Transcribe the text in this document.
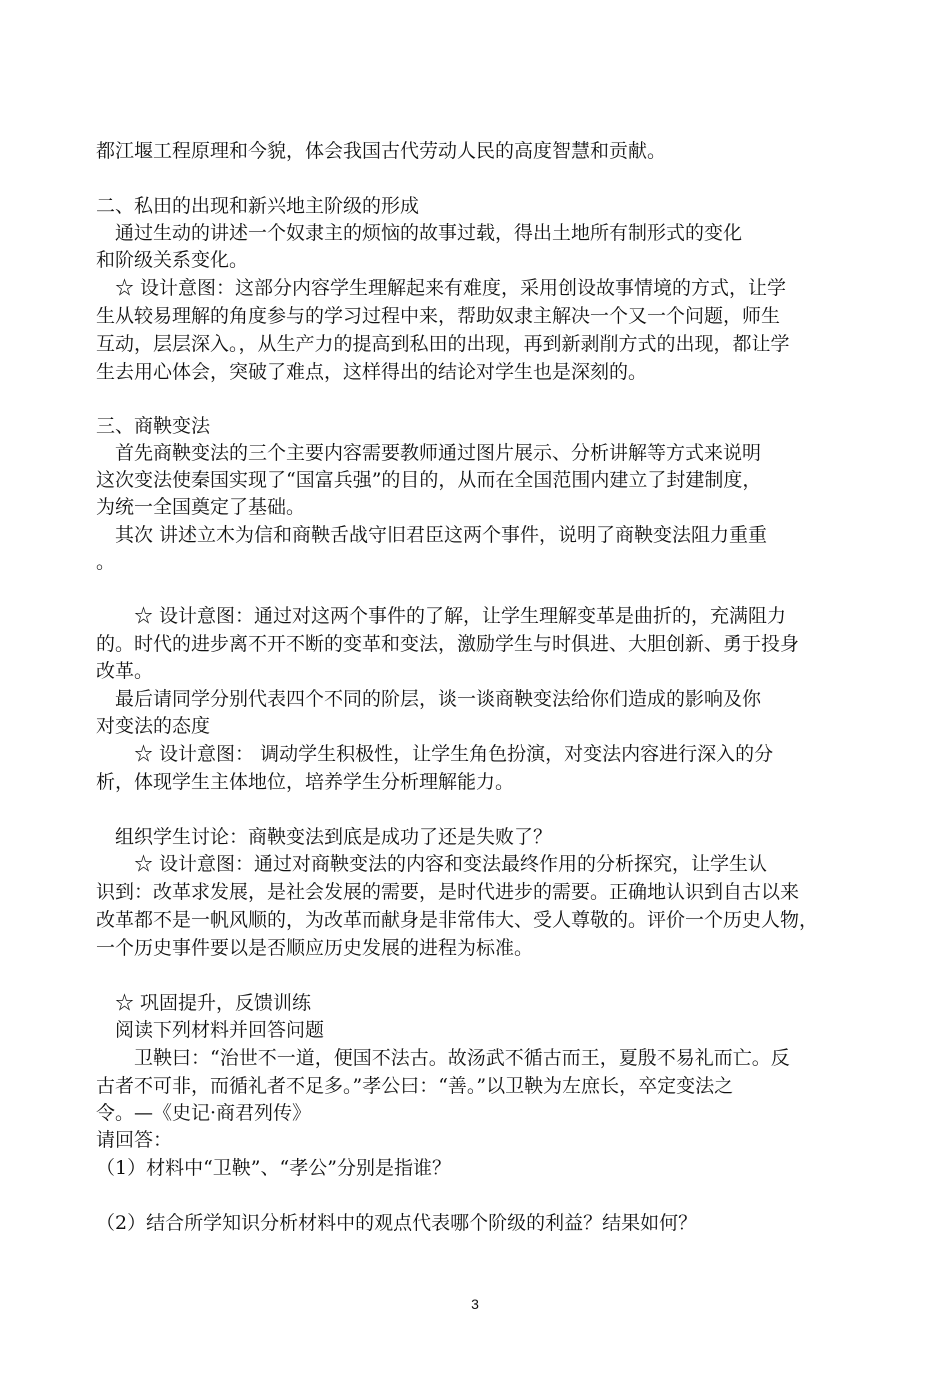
都江堰工程原理和今貌，体会我国古代劳动人民的高度智慧和贡献。
二、私田的出现和新兴地主阶级的形成
　通过生动的讲述一个奴隶主的烦恼的故事过载，得出土地所有制形式的变化
和阶级关系变化。
　☆ 设计意图：这部分内容学生理解起来有难度，采用创设故事情境的方式，让学
生从较易理解的角度参与的学习过程中来，帮助奴隶主解决一个又一个问题，师生
互动，层层深入。，从生产力的提高到私田的出现，再到新剥削方式的出现，都让学
生去用心体会，突破了难点，这样得出的结论对学生也是深刻的。
三、商鞅变法
　首先商鞅变法的三个主要内容需要教师通过图片展示、分析讲解等方式来说明
这次变法使秦国实现了“国富兵强”的目的，从而在全国范围内建立了封建制度，
为统一全国奠定了基础。
　其次 讲述立木为信和商鞅舌战守旧君臣这两个事件，说明了商鞅变法阻力重重
。
　　☆ 设计意图：通过对这两个事件的了解，让学生理解变革是曲折的，充满阻力
的。时代的进步离不开不断的变革和变法，激励学生与时俱进、大胆创新、勇于投身
改革。
　最后请同学分别代表四个不同的阶层，谈一谈商鞅变法给你们造成的影响及你
对变法的态度
　　☆ 设计意图： 调动学生积极性，让学生角色扮演，对变法内容进行深入的分
析，体现学生主体地位，培养学生分析理解能力。
　组织学生讨论：商鞅变法到底是成功了还是失败了？
　　☆ 设计意图：通过对商鞅变法的内容和变法最终作用的分析探究，让学生认
识到：改革求发展，是社会发展的需要，是时代进步的需要。正确地认识到自古以来
改革都不是一帆风顺的，为改革而献身是非常伟大、受人尊敬的。评价一个历史人物，
一个历史事件要以是否顺应历史发展的进程为标准。
　☆ 巩固提升，反馈训练
　阅读下列材料并回答问题
　　卫鞅曰：“治世不一道，便国不法古。故汤武不循古而王，夏殷不易礼而亡。反
古者不可非，而循礼者不足多。”孝公曰：“善。”以卫鞅为左庶长，卒定变法之
令。—《史记·商君列传》
请回答：
（1）材料中“卫鞅”、“孝公”分别是指谁？
（2）结合所学知识分析材料中的观点代表哪个阶级的利益？结果如何？
3
